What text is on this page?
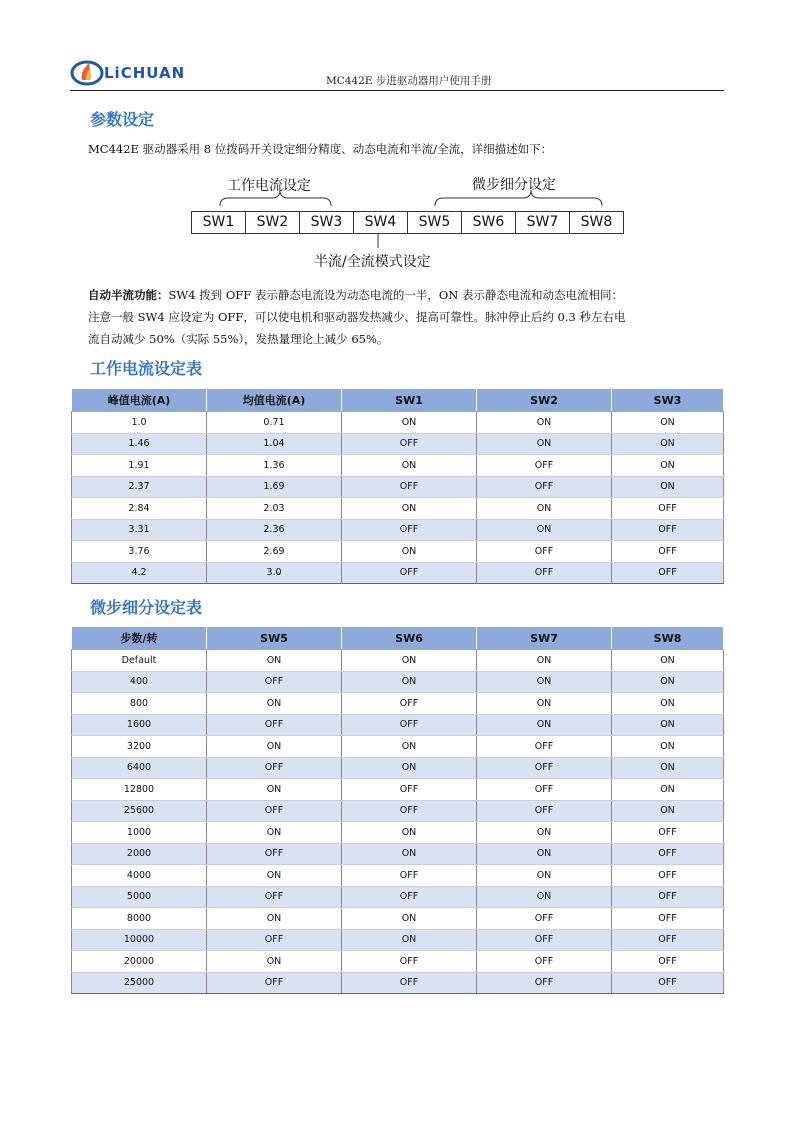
LiCHUAN	MC442E 步进驱动器用户使用手册
参数设定

MC442E 驱动器采用 8 位拨码开关设定细分精度、动态电流和半流/全流，详细描述如下：

工作电流设定	微步细分设定
SW1	SW2	SW3	SW4	SW5	SW6	SW7	SW8
半流/全流模式设定
自动半流功能：SW4 拨到 OFF 表示静态电流设为动态电流的一半，ON 表示静态电流和动态电流相同：
注意一般 SW4 应设定为 OFF，可以使电机和驱动器发热减少、提高可靠性。脉冲停止后约 0.3 秒左右电
流自动减少 50%（实际 55%），发热量理论上减少 65%。
工作电流设定表
峰值电流(A)	均值电流(A)	SW1	SW2	SW3
1.0	0.71	ON	ON	ON
1.46	1.04	OFF	ON	ON
1.91	1.36	ON	OFF	ON
2.37	1.69	OFF	OFF	ON
2.84	2.03	ON	ON	OFF
3.31	2.36	OFF	ON	OFF
3.76	2.69	ON	OFF	OFF
4.2	3.0	OFF	OFF	OFF
微步细分设定表
步数/转	SW5	SW6	SW7	SW8
Default	ON	ON	ON	ON
400	OFF	ON	ON	ON
800	ON	OFF	ON	ON
1600	OFF	OFF	ON	ON
3200	ON	ON	OFF	ON
6400	OFF	ON	OFF	ON
12800	ON	OFF	OFF	ON
25600	OFF	OFF	OFF	ON
1000	ON	ON	ON	OFF
2000	OFF	ON	ON	OFF
4000	ON	OFF	ON	OFF
5000	OFF	OFF	ON	OFF
8000	ON	ON	OFF	OFF
10000	OFF	ON	OFF	OFF
20000	ON	OFF	OFF	OFF
25000	OFF	OFF	OFF	OFF
